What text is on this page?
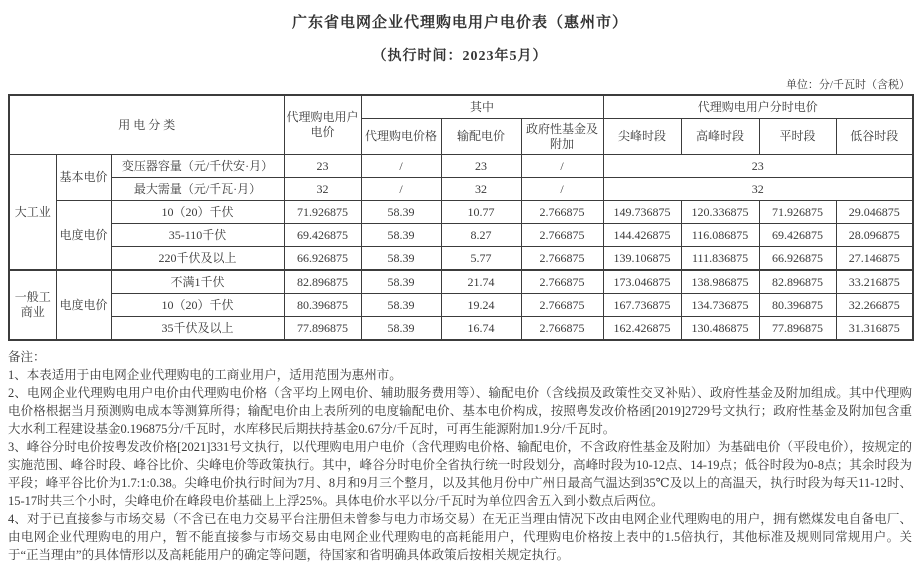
广东省电网企业代理购电用户电价表（惠州市）
（执行时间：2023年5月）
单位：分/千瓦时（含税）
用 电 分 类			代理购电用户电价	其中			代理购电用户分时电价			
				代理购电价格	输配电价	政府性基金及附加	尖峰时段	高峰时段	平时段	低谷时段
大工业	基本电价	变压器容量（元/千伏安·月）	23	/	23	/	23			
		最大需量（元/千瓦·月）	32	/	32	/	32			
	电度电价	10（20）千伏	71.926875	58.39	10.77	2.766875	149.736875	120.336875	71.926875	29.046875
		35-110千伏	69.426875	58.39	8.27	2.766875	144.426875	116.086875	69.426875	28.096875
		220千伏及以上	66.926875	58.39	5.77	2.766875	139.106875	111.836875	66.926875	27.146875
一般工商业	电度电价	不满1千伏	82.896875	58.39	21.74	2.766875	173.046875	138.986875	82.896875	33.216875
		10（20）千伏	80.396875	58.39	19.24	2.766875	167.736875	134.736875	80.396875	32.266875
		35千伏及以上	77.896875	58.39	16.74	2.766875	162.426875	130.486875	77.896875	31.316875
备注：

1、本表适用于由电网企业代理购电的工商业用户，适用范围为惠州市。

2、电网企业代理购电用户电价由代理购电价格（含平均上网电价、辅助服务费用等）、输配电价（含线损及政策性交叉补贴）、政府性基金及附加组成。其中代理购电价格根据当月预测购电成本等测算所得；输配电价由上表所列的电度输配电价、基本电价构成，按照粤发改价格函[2019]2729号文执行；政府性基金及附加包含重大水利工程建设基金0.196875分/千瓦时，水库移民后期扶持基金0.67分/千瓦时，可再生能源附加1.9分/千瓦时。

3、峰谷分时电价按粤发改价格[2021]331号文执行，以代理购电用户电价（含代理购电价格、输配电价，不含政府性基金及附加）为基础电价（平段电价），按规定的实施范围、峰谷时段、峰谷比价、尖峰电价等政策执行。其中，峰谷分时电价全省执行统一时段划分，高峰时段为10-12点、14-19点；低谷时段为0-8点；其余时段为平段；峰平谷比价为1.7:1:0.38。尖峰电价执行时间为7月、8月和9月三个整月，以及其他月份中广州日最高气温达到35℃及以上的高温天，执行时段为每天11-12时、15-17时共三个小时，尖峰电价在峰段电价基础上上浮25%。具体电价水平以分/千瓦时为单位四舍五入到小数点后两位。

4、对于已直接参与市场交易（不含已在电力交易平台注册但未曾参与电力市场交易）在无正当理由情况下改由电网企业代理购电的用户，拥有燃煤发电自备电厂、由电网企业代理购电的用户，暂不能直接参与市场交易由电网企业代理购电的高耗能用户，代理购电价格按上表中的1.5倍执行，其他标准及规则同常规用户。关于“正当理由”的具体情形以及高耗能用户的确定等问题，待国家和省明确具体政策后按相关规定执行。
